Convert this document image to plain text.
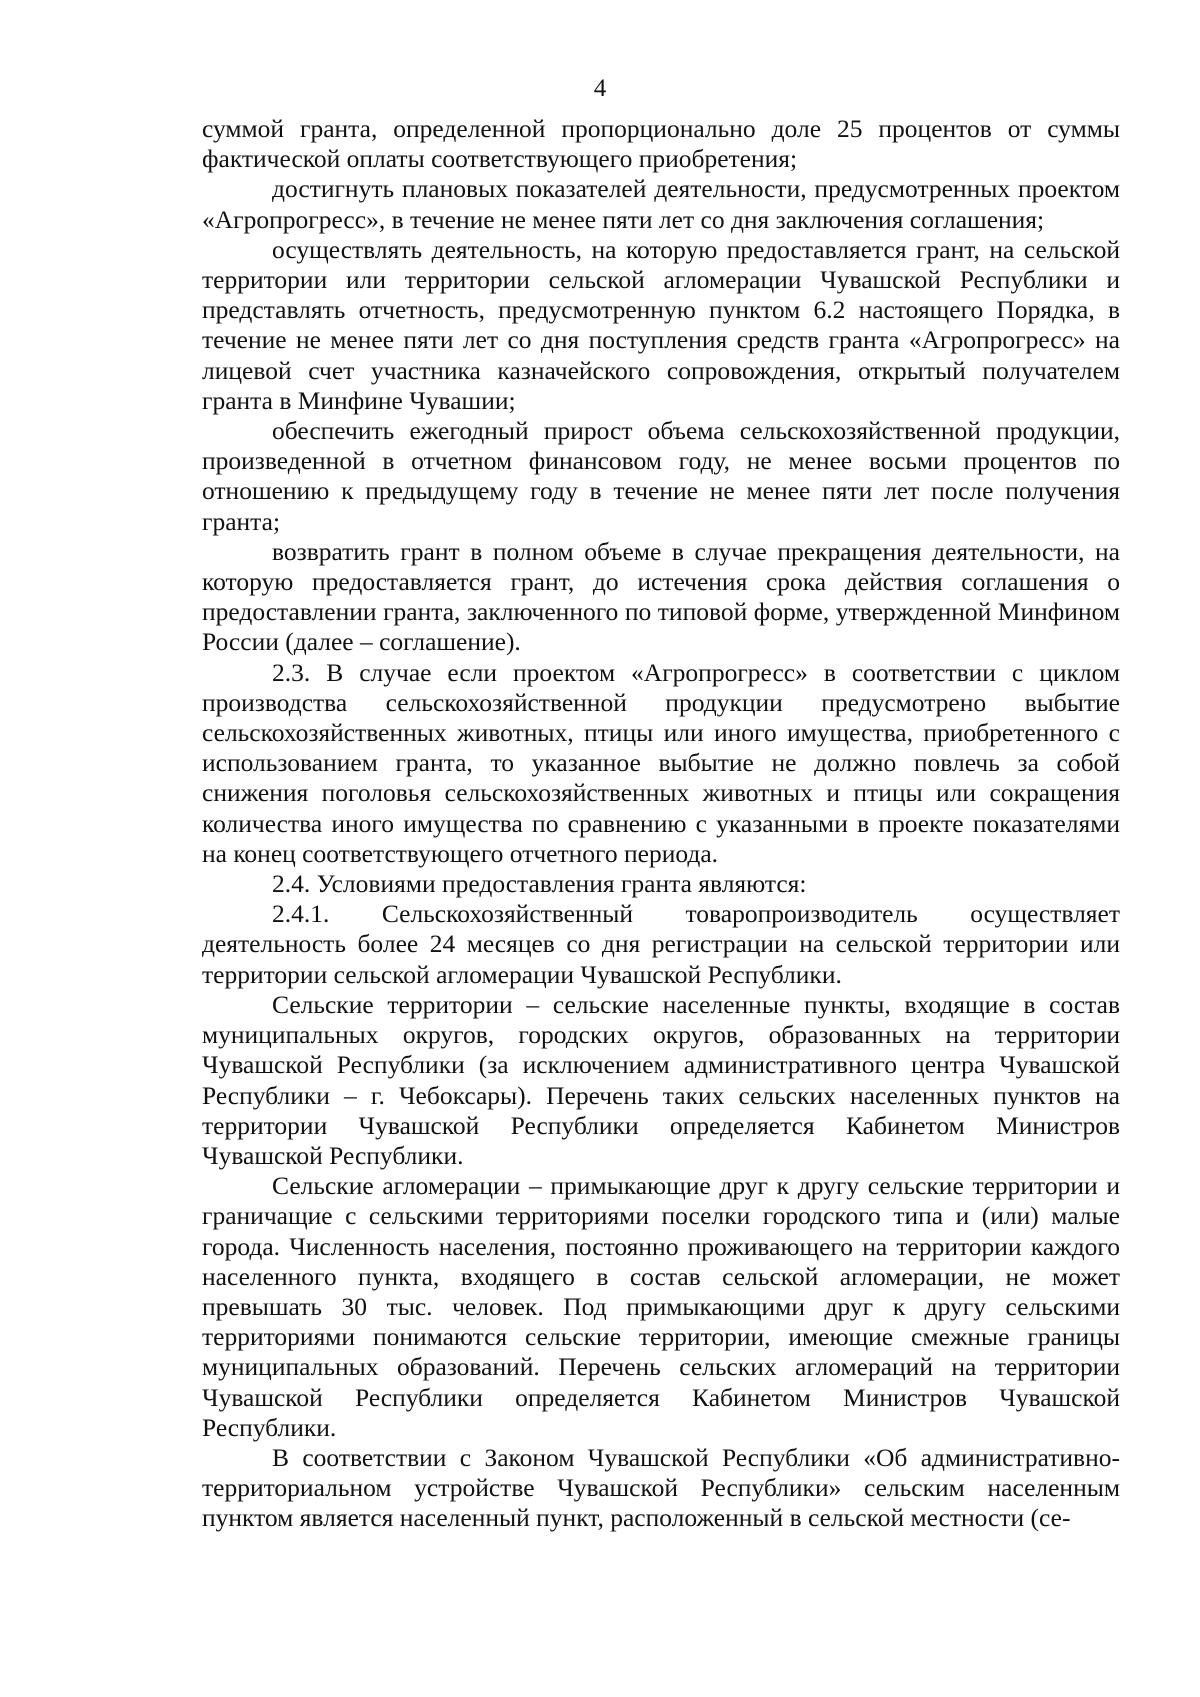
4

суммой гранта, определенной пропорционально доле 25 процентов от суммы фактической оплаты соответствующего приобретения;

достигнуть плановых показателей деятельности, предусмотренных проектом «Агропрогресс», в течение не менее пяти лет со дня заключения соглашения;

осуществлять деятельность, на которую предоставляется грант, на сельской территории или территории сельской агломерации Чувашской Республики и представлять отчетность, предусмотренную пунктом 6.2 настоящего Порядка, в течение не менее пяти лет со дня поступления средств гранта «Агропрогресс» на лицевой счет участника казначейского сопровождения, открытый получателем гранта в Минфине Чувашии;

обеспечить ежегодный прирост объема сельскохозяйственной продукции, произведенной в отчетном финансовом году, не менее восьми процентов по отношению к предыдущему году в течение не менее пяти лет после получения гранта;

возвратить грант в полном объеме в случае прекращения деятельности, на которую предоставляется грант, до истечения срока действия соглашения о предоставлении гранта, заключенного по типовой форме, утвержденной Минфином России (далее – соглашение).

2.3. В случае если проектом «Агропрогресс» в соответствии с циклом производства сельскохозяйственной продукции предусмотрено выбытие сельскохозяйственных животных, птицы или иного имущества, приобретенного с использованием гранта, то указанное выбытие не должно повлечь за собой снижения поголовья сельскохозяйственных животных и птицы или сокращения количества иного имущества по сравнению с указанными в проекте показателями на конец соответствующего отчетного периода.

2.4. Условиями предоставления гранта являются:

2.4.1. Сельскохозяйственный товаропроизводитель осуществляет деятельность более 24 месяцев со дня регистрации на сельской территории или территории сельской агломерации Чувашской Республики.

Сельские территории – сельские населенные пункты, входящие в состав муниципальных округов, городских округов, образованных на территории Чувашской Республики (за исключением административного центра Чувашской Республики – г. Чебоксары). Перечень таких сельских населенных пунктов на территории Чувашской Республики определяется Кабинетом Министров Чувашской Республики.

Сельские агломерации – примыкающие друг к другу сельские территории и граничащие с сельскими территориями поселки городского типа и (или) малые города. Численность населения, постоянно проживающего на территории каждого населенного пункта, входящего в состав сельской агломерации, не может превышать 30 тыс. человек. Под примыкающими друг к другу сельскими территориями понимаются сельские территории, имеющие смежные границы муниципальных образований. Перечень сельских агломераций на территории Чувашской Республики определяется Кабинетом Министров Чувашской Республики.

В соответствии с Законом Чувашской Республики «Об административно-территориальном устройстве Чувашской Республики» сельским населенным пунктом является населенный пункт, расположенный в сельской местности (се-
